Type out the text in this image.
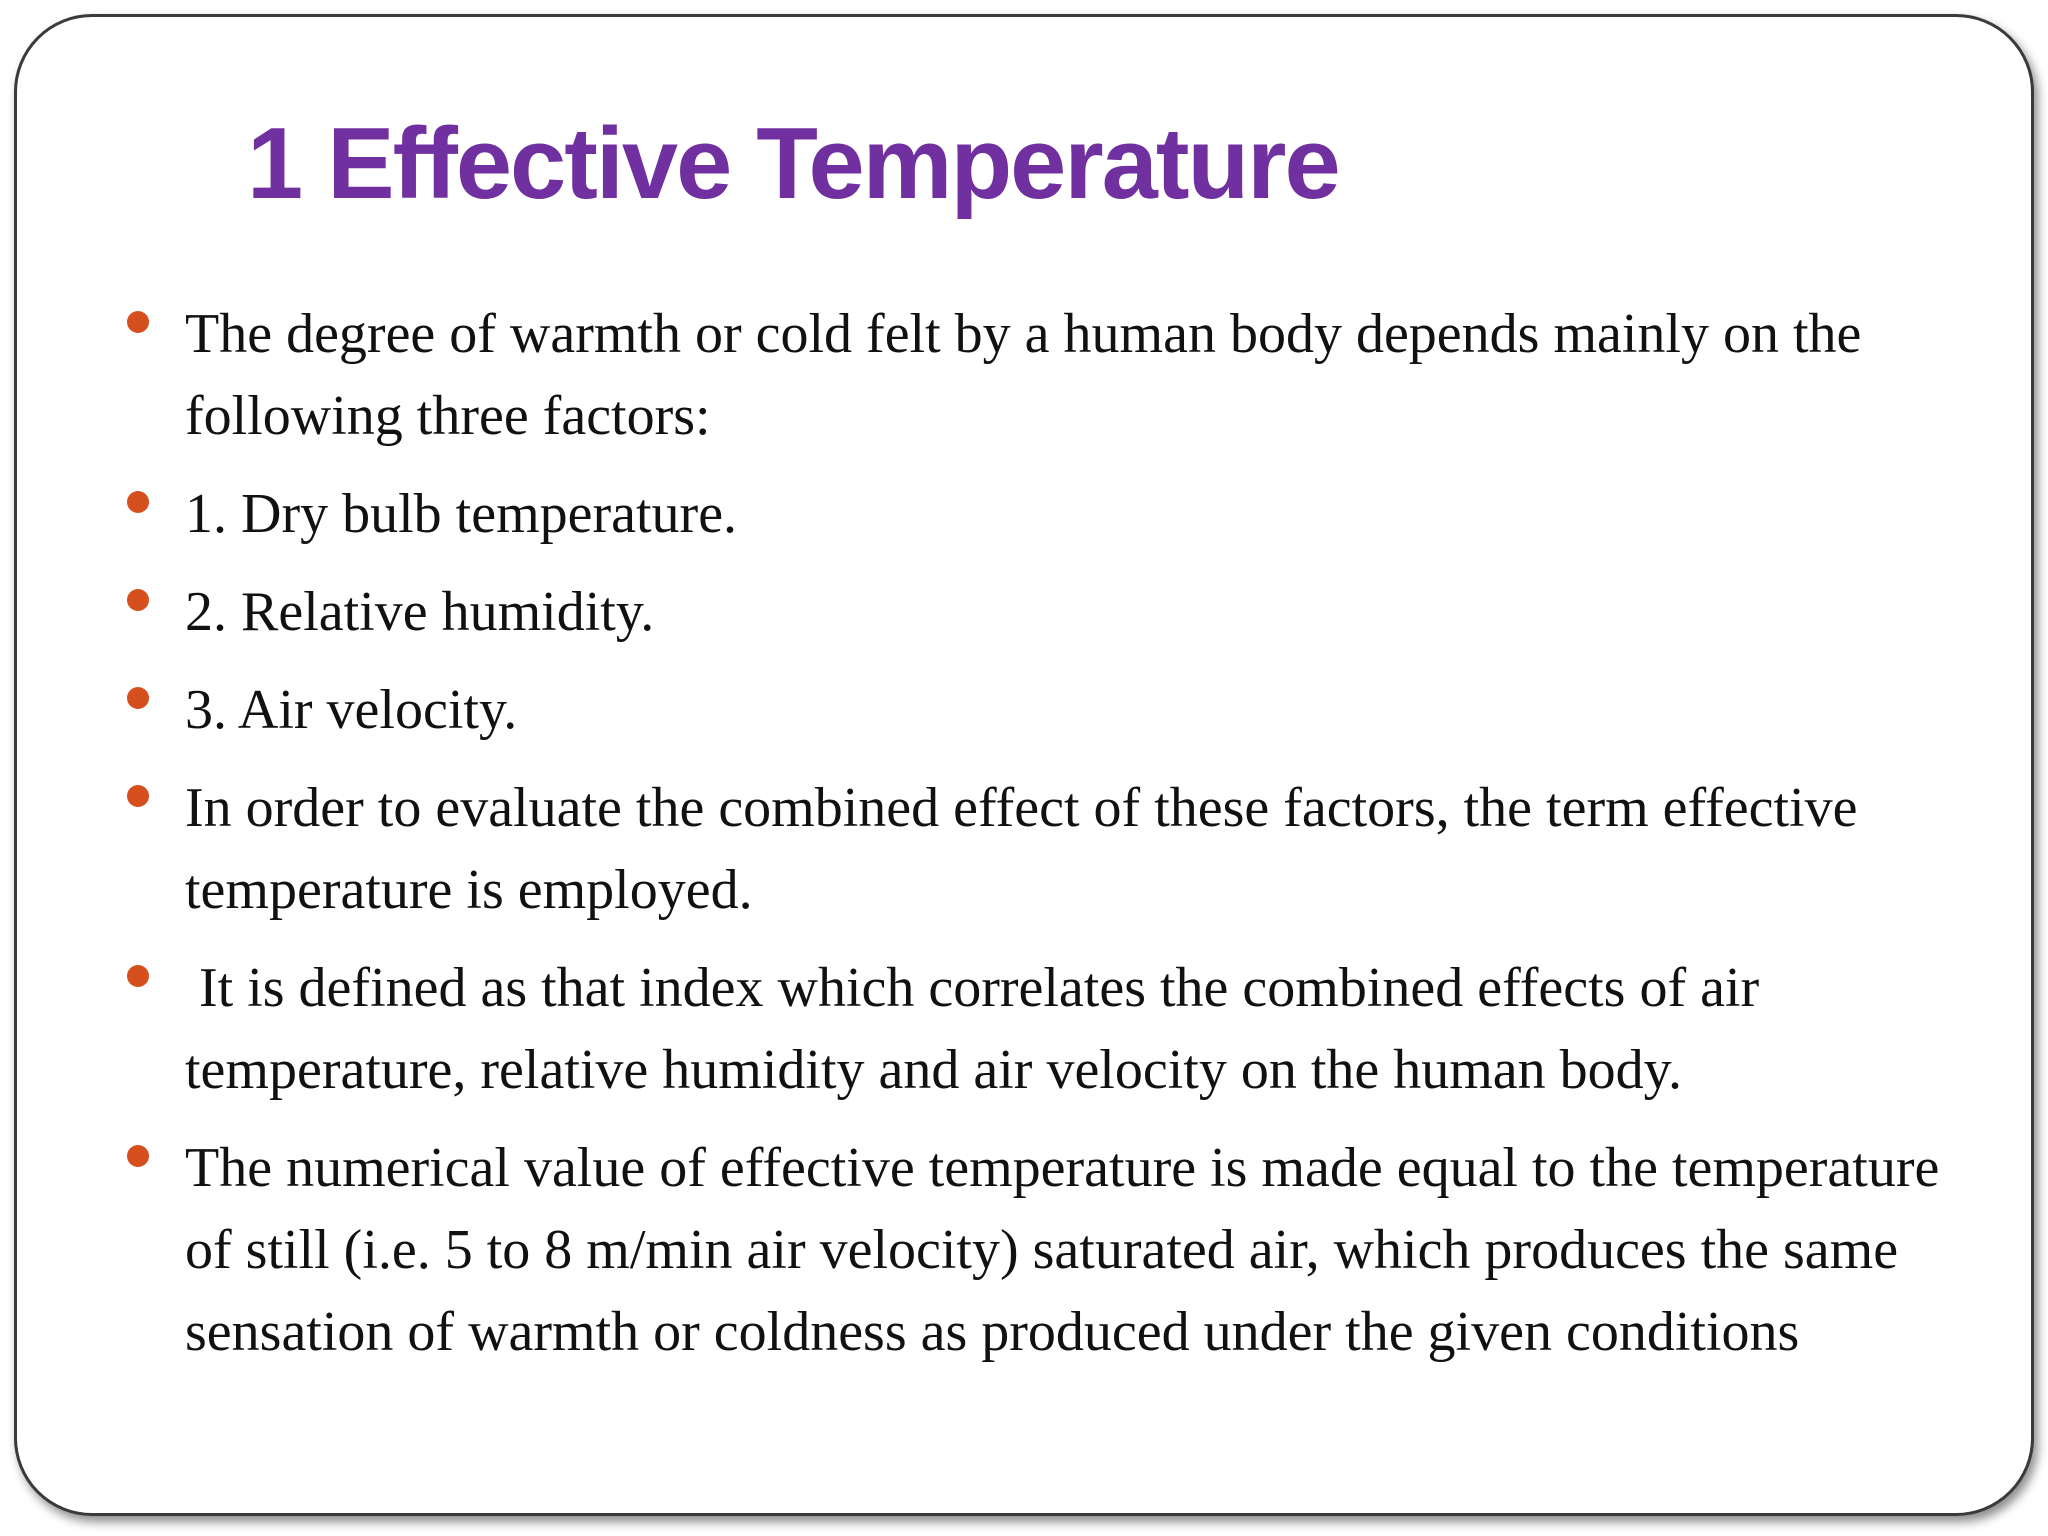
1 Effective Temperature
The degree of warmth or cold felt by a human body depends mainly on the following three factors:
1. Dry bulb temperature.
2. Relative humidity.
3. Air velocity.
In order to evaluate the combined effect of these factors, the term effective temperature is employed.
It is defined as that index which correlates the combined effects of air temperature, relative humidity and air velocity on the human body.
The numerical value of effective temperature is made equal to the temperature of still (i.e. 5 to 8 m/min air velocity) saturated air, which produces the same sensation of warmth or coldness as produced under the given conditions
